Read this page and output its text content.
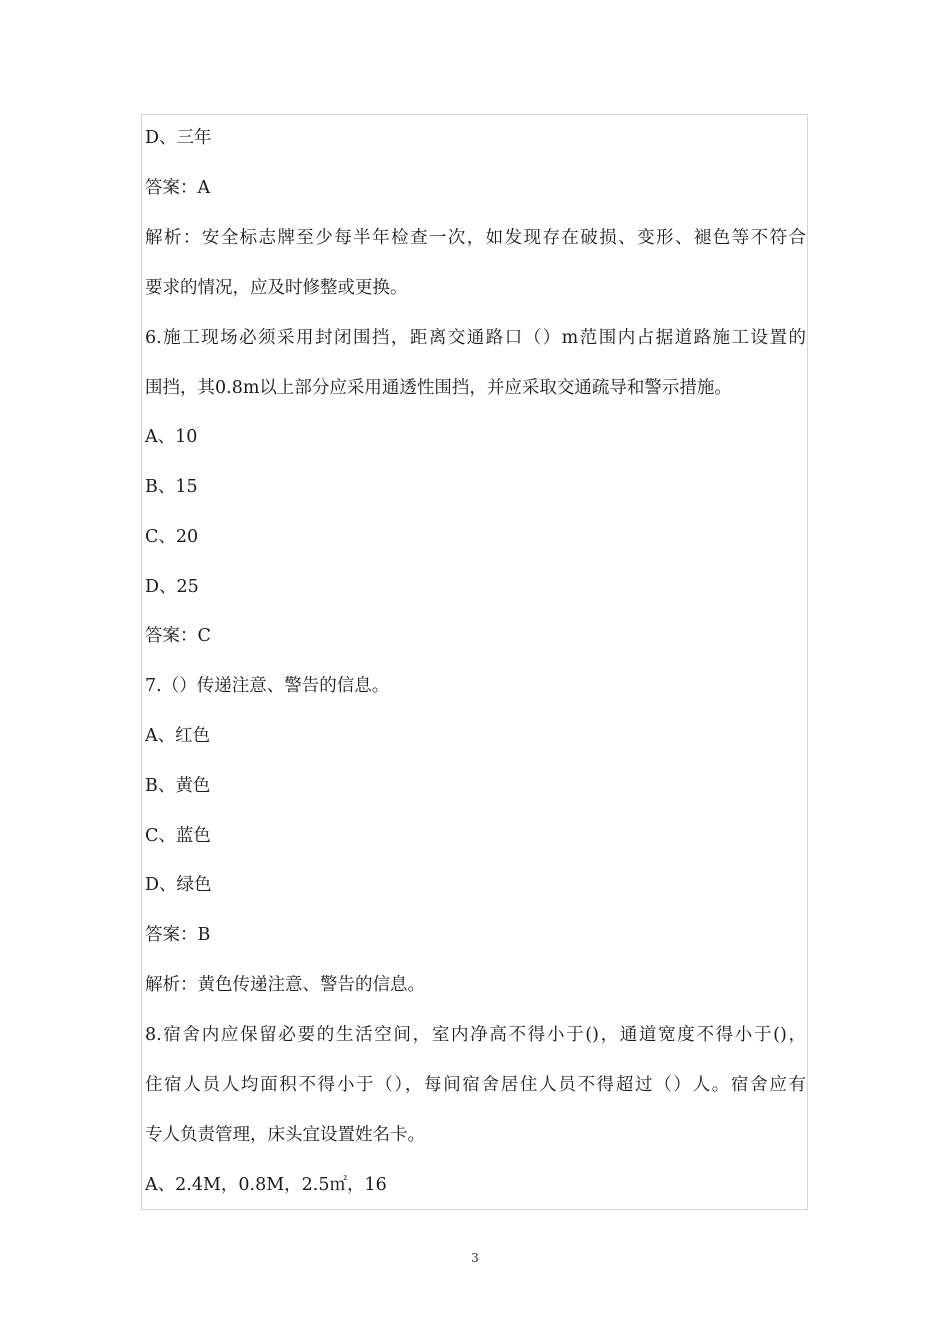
D、三年
答案：A
解析：安全标志牌至少每半年检查一次，如发现存在破损、变形、褪色等不符合
要求的情况，应及时修整或更换。
6.施工现场必须采用封闭围挡，距离交通路口（）m范围内占据道路施工设置的
围挡，其0.8m以上部分应采用通透性围挡，并应采取交通疏导和警示措施。
A、10
B、15
C、20
D、25
答案：C
7.（）传递注意、警告的信息。
A、红色
B、黄色
C、蓝色
D、绿色
答案：B
解析：黄色传递注意、警告的信息。
8.宿舍内应保留必要的生活空间，室内净高不得小于()，通道宽度不得小于()，
住宿人员人均面积不得小于（），每间宿舍居住人员不得超过（）人。宿舍应有
专人负责管理，床头宜设置姓名卡。
A、2.4M，0.8M，2.5㎡，16
3
